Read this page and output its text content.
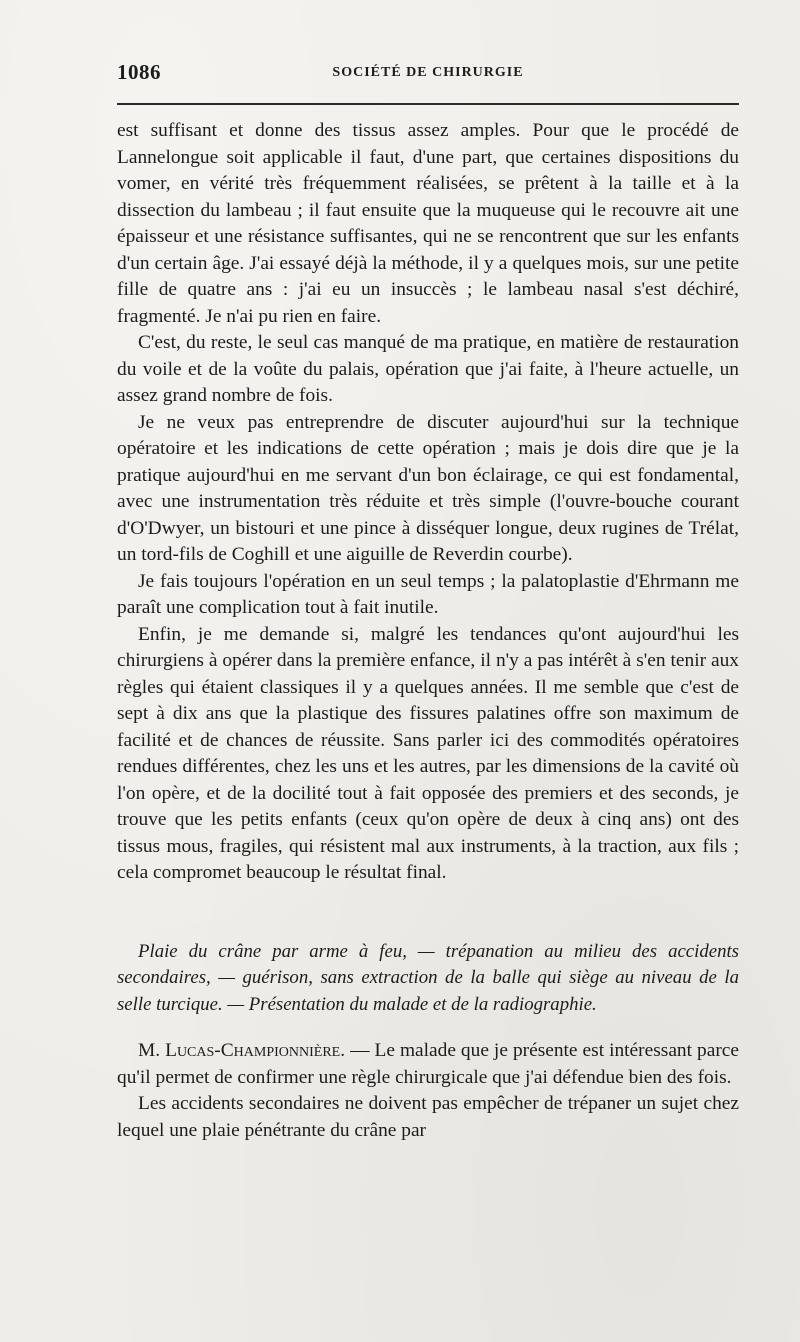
1086	SOCIÉTÉ DE CHIRURGIE

est suffisant et donne des tissus assez amples. Pour que le procédé de Lannelongue soit applicable il faut, d'une part, que certaines dispositions du vomer, en vérité très fréquemment réalisées, se prêtent à la taille et à la dissection du lambeau ; il faut ensuite que la muqueuse qui le recouvre ait une épaisseur et une résistance suffisantes, qui ne se rencontrent que sur les enfants d'un certain âge. J'ai essayé déjà la méthode, il y a quelques mois, sur une petite fille de quatre ans : j'ai eu un insuccès ; le lambeau nasal s'est déchiré, fragmenté. Je n'ai pu rien en faire.

C'est, du reste, le seul cas manqué de ma pratique, en matière de restauration du voile et de la voûte du palais, opération que j'ai faite, à l'heure actuelle, un assez grand nombre de fois.

Je ne veux pas entreprendre de discuter aujourd'hui sur la technique opératoire et les indications de cette opération ; mais je dois dire que je la pratique aujourd'hui en me servant d'un bon éclairage, ce qui est fondamental, avec une instrumentation très réduite et très simple (l'ouvre-bouche courant d'O'Dwyer, un bistouri et une pince à disséquer longue, deux rugines de Trélat, un tord-fils de Coghill et une aiguille de Reverdin courbe).

Je fais toujours l'opération en un seul temps ; la palatoplastie d'Ehrmann me paraît une complication tout à fait inutile.

Enfin, je me demande si, malgré les tendances qu'ont aujourd'hui les chirurgiens à opérer dans la première enfance, il n'y a pas intérêt à s'en tenir aux règles qui étaient classiques il y a quelques années. Il me semble que c'est de sept à dix ans que la plastique des fissures palatines offre son maximum de facilité et de chances de réussite. Sans parler ici des commodités opératoires rendues différentes, chez les uns et les autres, par les dimensions de la cavité où l'on opère, et de la docilité tout à fait opposée des premiers et des seconds, je trouve que les petits enfants (ceux qu'on opère de deux à cinq ans) ont des tissus mous, fragiles, qui résistent mal aux instruments, à la traction, aux fils ; cela compromet beaucoup le résultat final.

Plaie du crâne par arme à feu, — trépanation au milieu des accidents secondaires, — guérison, sans extraction de la balle qui siège au niveau de la selle turcique. — Présentation du malade et de la radiographie.

M. Lucas-Championnière. — Le malade que je présente est intéressant parce qu'il permet de confirmer une règle chirurgicale que j'ai défendue bien des fois.

Les accidents secondaires ne doivent pas empêcher de trépaner un sujet chez lequel une plaie pénétrante du crâne par
